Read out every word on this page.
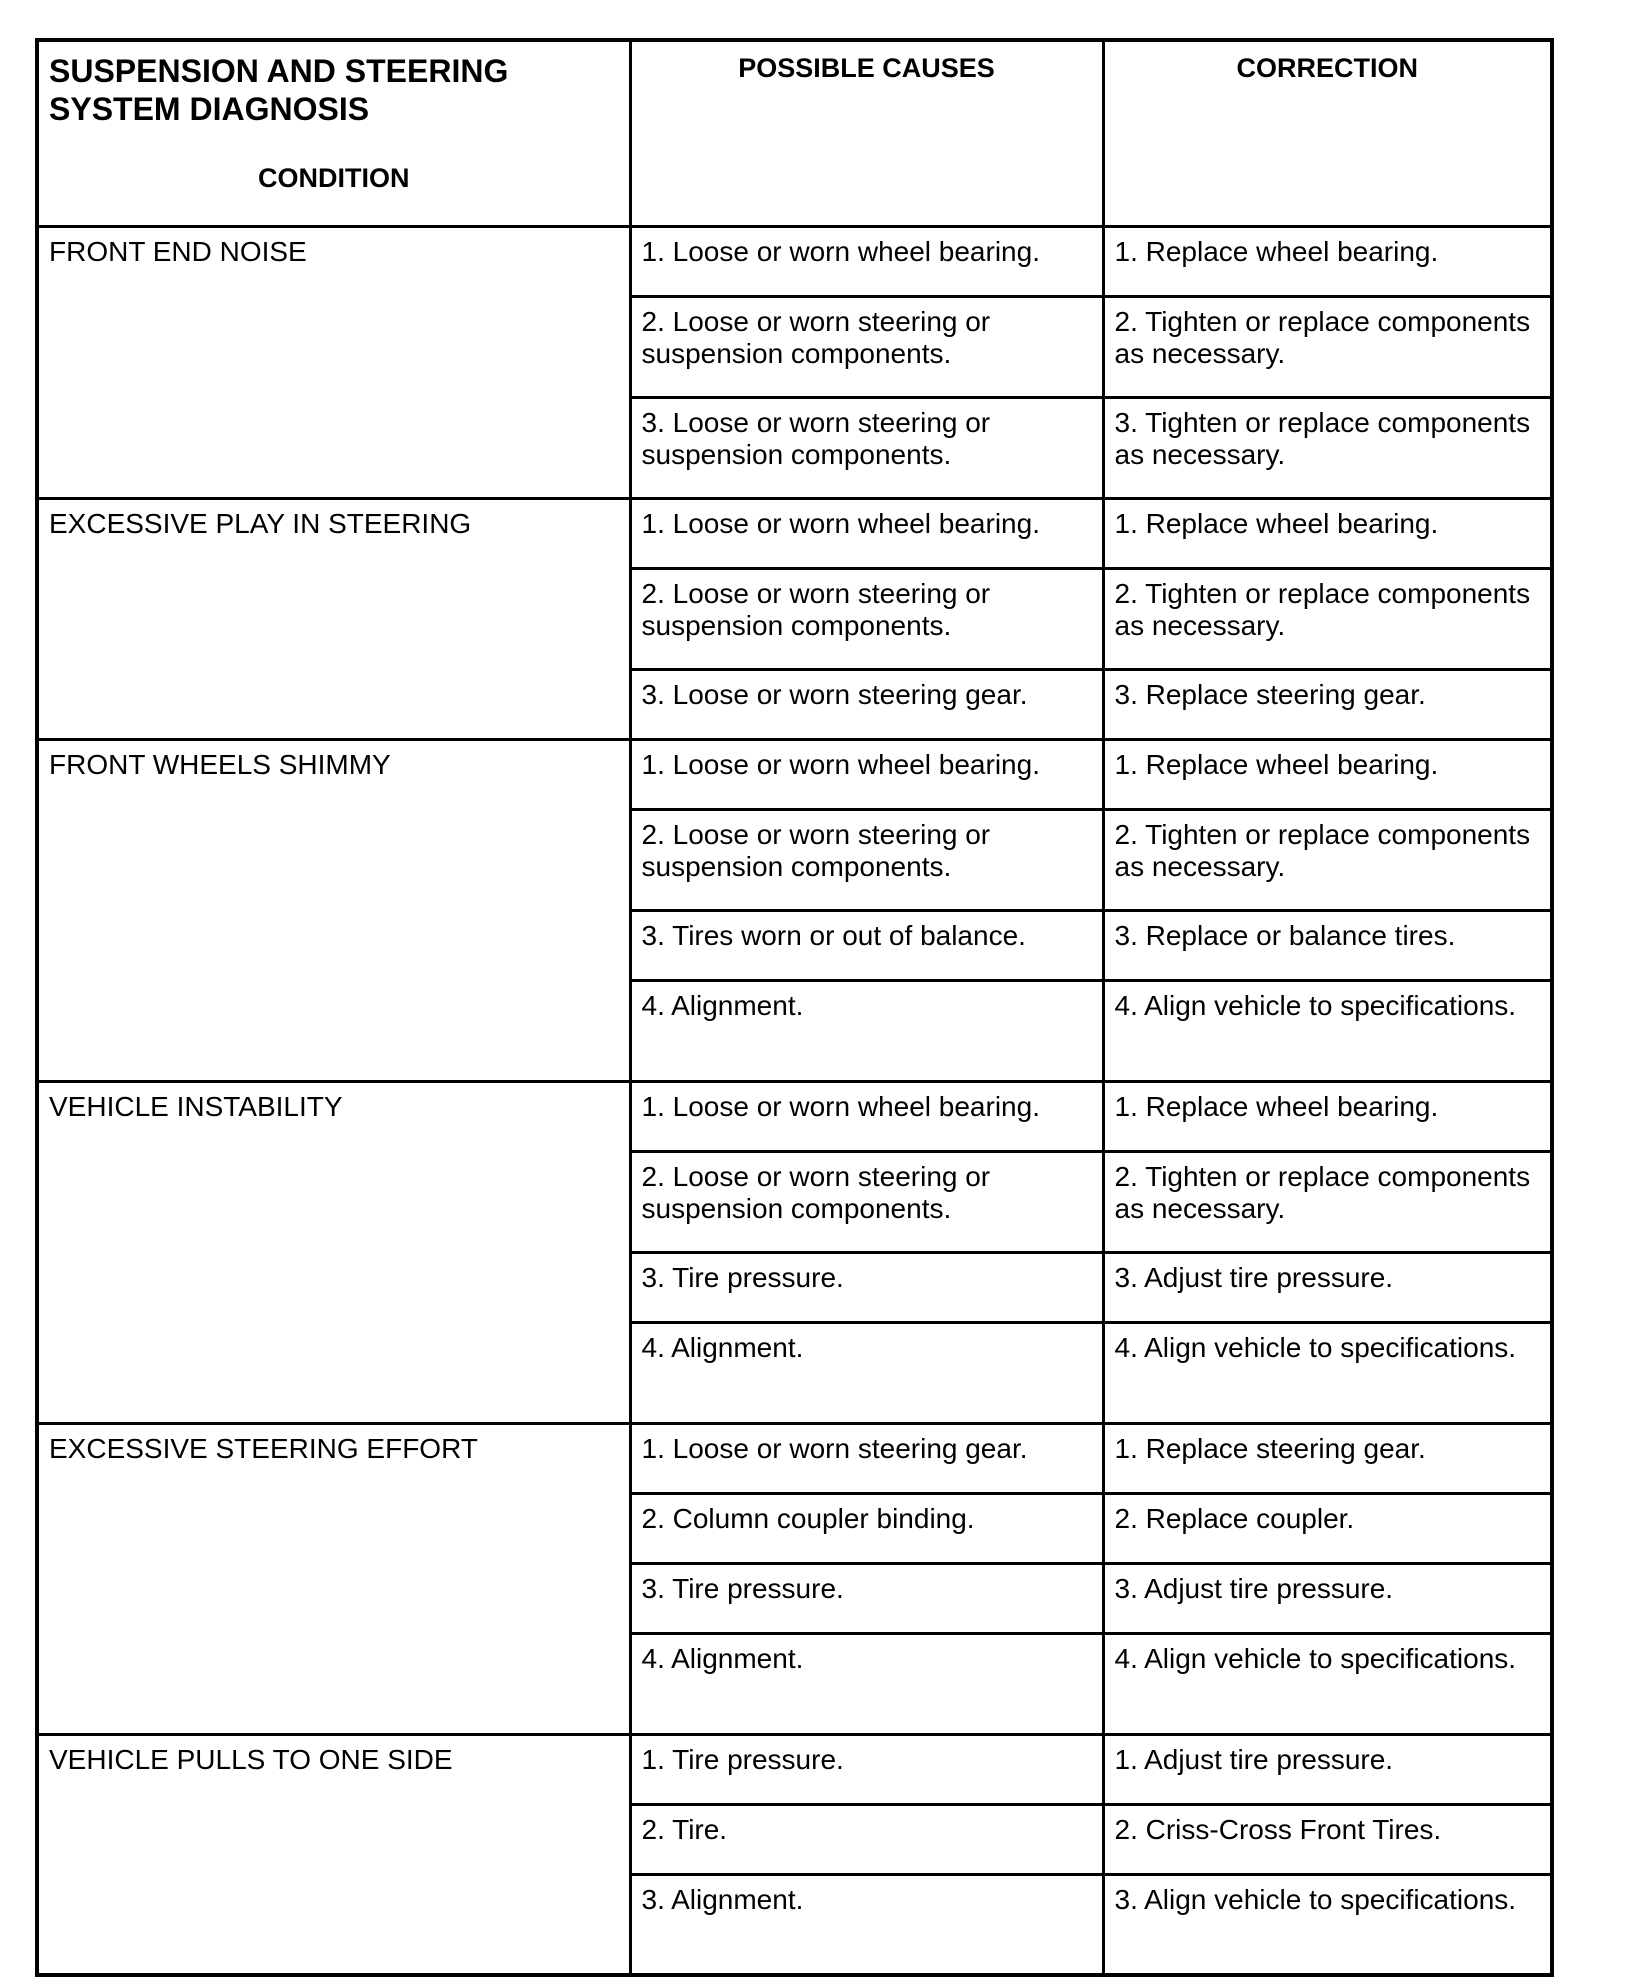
SUSPENSION AND STEERING SYSTEM DIAGNOSIS
CONDITION	POSSIBLE CAUSES	CORRECTION

FRONT END NOISE	1. Loose or worn wheel bearing.	1. Replace wheel bearing.

	2. Loose or worn steering or suspension components.	2. Tighten or replace components as necessary.

	3. Loose or worn steering or suspension components.	3. Tighten or replace components as necessary.

EXCESSIVE PLAY IN STEERING	1. Loose or worn wheel bearing.	1. Replace wheel bearing.

	2. Loose or worn steering or suspension components.	2. Tighten or replace components as necessary.

	3. Loose or worn steering gear.	3. Replace steering gear.

FRONT WHEELS SHIMMY	1. Loose or worn wheel bearing.	1. Replace wheel bearing.

	2. Loose or worn steering or suspension components.	2. Tighten or replace components as necessary.

	3. Tires worn or out of balance.	3. Replace or balance tires.

	4. Alignment.	4. Align vehicle to specifications.

VEHICLE INSTABILITY	1. Loose or worn wheel bearing.	1. Replace wheel bearing.

	2. Loose or worn steering or suspension components.	2. Tighten or replace components as necessary.

	3. Tire pressure.	3. Adjust tire pressure.

	4. Alignment.	4. Align vehicle to specifications.

EXCESSIVE STEERING EFFORT	1. Loose or worn steering gear.	1. Replace steering gear.

	2. Column coupler binding.	2. Replace coupler.

	3. Tire pressure.	3. Adjust tire pressure.

	4. Alignment.	4. Align vehicle to specifications.

VEHICLE PULLS TO ONE SIDE	1. Tire pressure.	1. Adjust tire pressure.

	2. Tire.	2. Criss-Cross Front Tires.

	3. Alignment.	3. Align vehicle to specifications.
